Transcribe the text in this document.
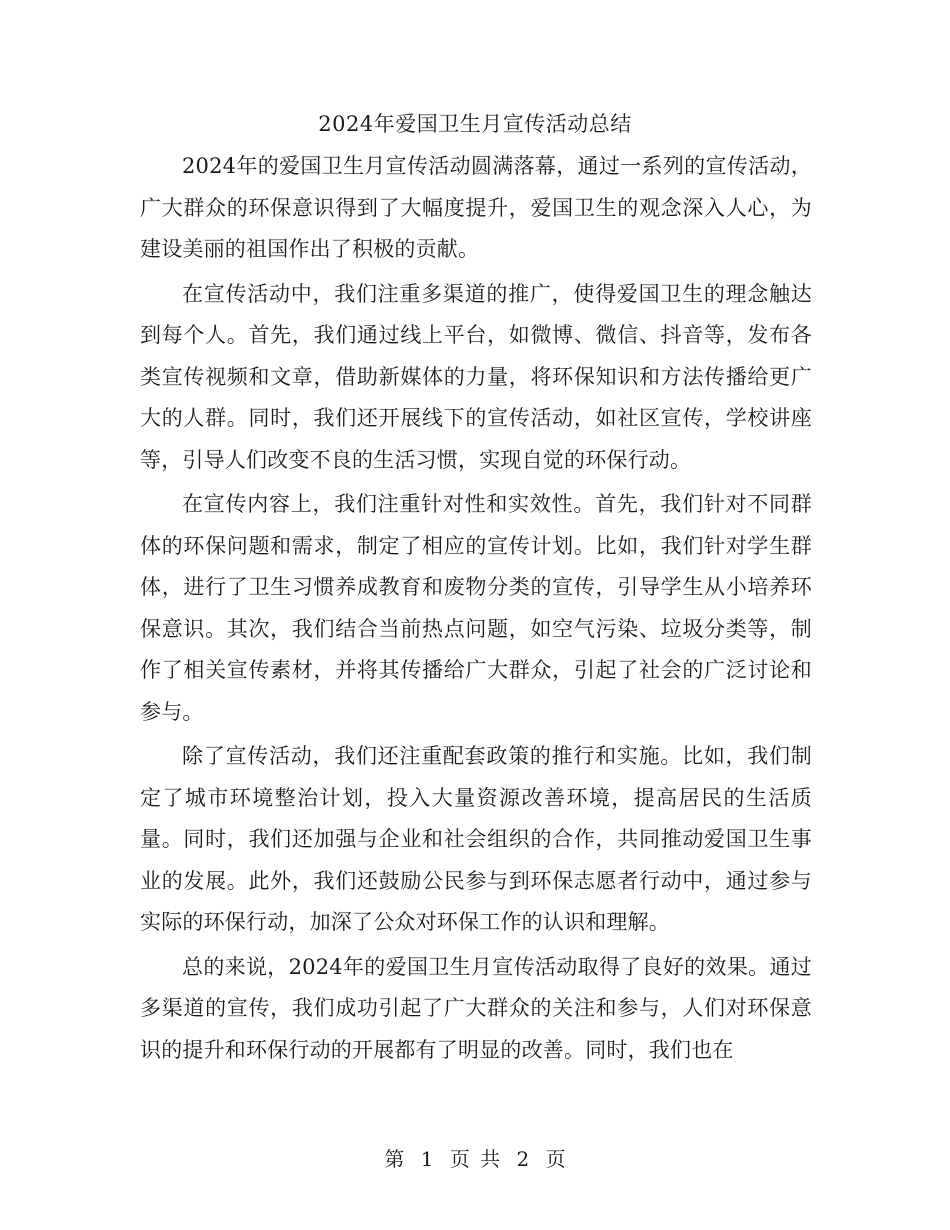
2024年爱国卫生月宣传活动总结

2024年的爱国卫生月宣传活动圆满落幕，通过一系列的宣传活动，广大群众的环保意识得到了大幅度提升，爱国卫生的观念深入人心，为建设美丽的祖国作出了积极的贡献。

在宣传活动中，我们注重多渠道的推广，使得爱国卫生的理念触达到每个人。首先，我们通过线上平台，如微博、微信、抖音等，发布各类宣传视频和文章，借助新媒体的力量，将环保知识和方法传播给更广大的人群。同时，我们还开展线下的宣传活动，如社区宣传，学校讲座等，引导人们改变不良的生活习惯，实现自觉的环保行动。

在宣传内容上，我们注重针对性和实效性。首先，我们针对不同群体的环保问题和需求，制定了相应的宣传计划。比如，我们针对学生群体，进行了卫生习惯养成教育和废物分类的宣传，引导学生从小培养环保意识。其次，我们结合当前热点问题，如空气污染、垃圾分类等，制作了相关宣传素材，并将其传播给广大群众，引起了社会的广泛讨论和参与。

除了宣传活动，我们还注重配套政策的推行和实施。比如，我们制定了城市环境整治计划，投入大量资源改善环境，提高居民的生活质量。同时，我们还加强与企业和社会组织的合作，共同推动爱国卫生事业的发展。此外，我们还鼓励公民参与到环保志愿者行动中，通过参与实际的环保行动，加深了公众对环保工作的认识和理解。

总的来说，2024年的爱国卫生月宣传活动取得了良好的效果。通过多渠道的宣传，我们成功引起了广大群众的关注和参与，人们对环保意识的提升和环保行动的开展都有了明显的改善。同时，我们也在

第 1 页 共 2 页
